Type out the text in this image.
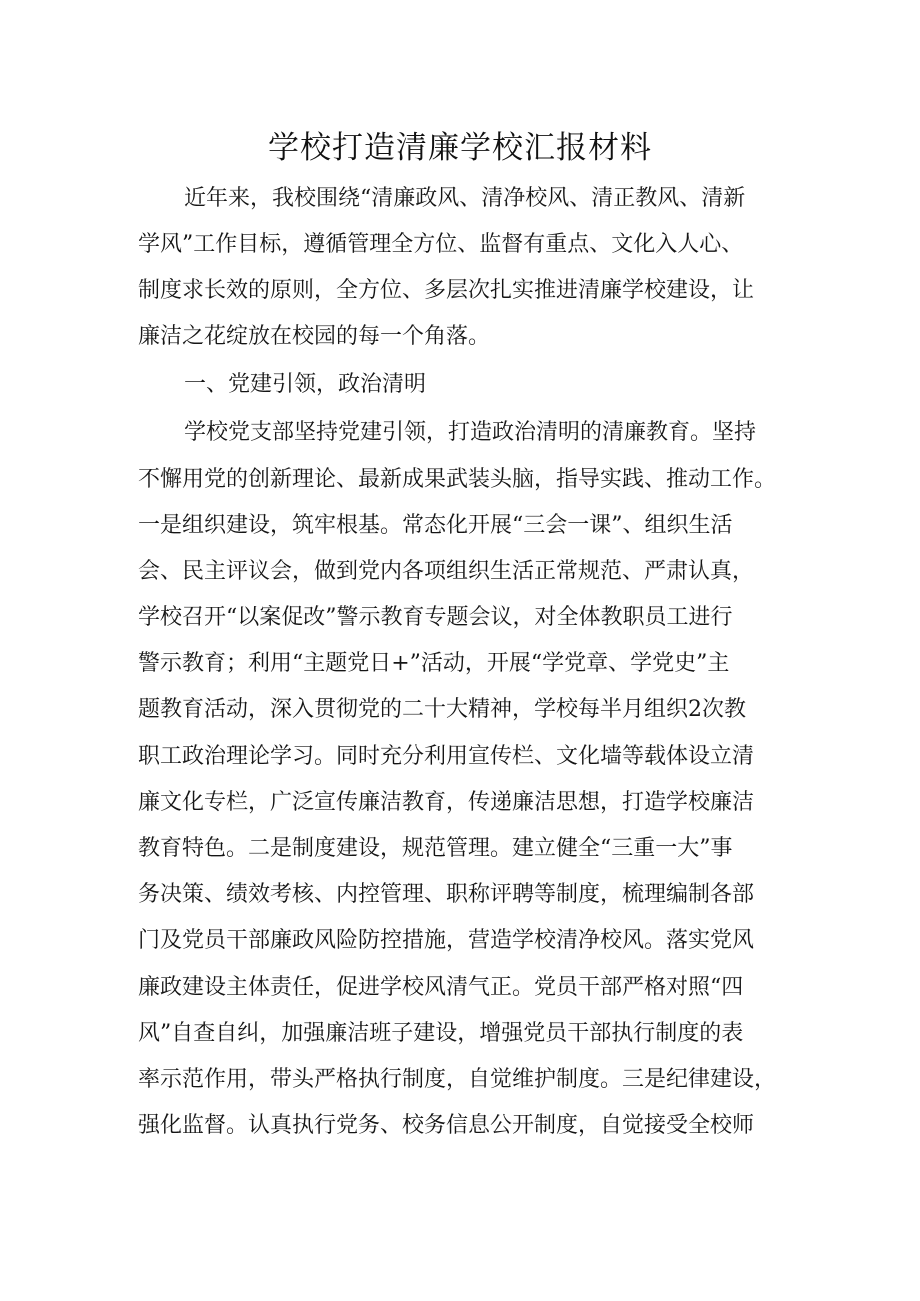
学校打造清廉学校汇报材料
近年来，我校围绕“清廉政风、清净校风、清正教风、清新
学风”工作目标，遵循管理全方位、监督有重点、文化入人心、
制度求长效的原则，全方位、多层次扎实推进清廉学校建设，让
廉洁之花绽放在校园的每一个角落。
一、党建引领，政治清明
学校党支部坚持党建引领，打造政治清明的清廉教育。坚持
不懈用党的创新理论、最新成果武装头脑，指导实践、推动工作。
一是组织建设，筑牢根基。常态化开展“三会一课”、组织生活
会、民主评议会，做到党内各项组织生活正常规范、严肃认真，
学校召开“以案促改”警示教育专题会议，对全体教职员工进行
警示教育；利用“主题党日+”活动，开展“学党章、学党史”主
题教育活动，深入贯彻党的二十大精神，学校每半月组织2次教
职工政治理论学习。同时充分利用宣传栏、文化墙等载体设立清
廉文化专栏，广泛宣传廉洁教育，传递廉洁思想，打造学校廉洁
教育特色。二是制度建设，规范管理。建立健全“三重一大”事
务决策、绩效考核、内控管理、职称评聘等制度，梳理编制各部
门及党员干部廉政风险防控措施，营造学校清净校风。落实党风
廉政建设主体责任，促进学校风清气正。党员干部严格对照“四
风”自查自纠，加强廉洁班子建设，增强党员干部执行制度的表
率示范作用，带头严格执行制度，自觉维护制度。三是纪律建设，
强化监督。认真执行党务、校务信息公开制度，自觉接受全校师
